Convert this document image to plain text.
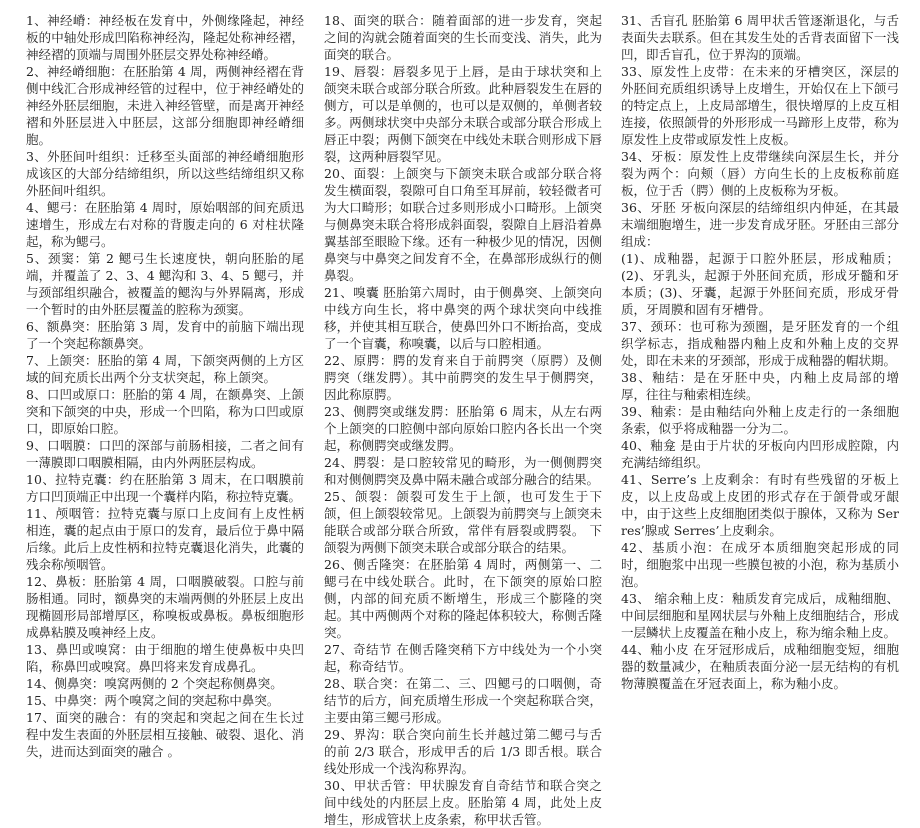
1、神经嵴：神经板在发育中，外侧缘隆起，神经板的中轴处形成凹陷称神经沟，隆起处称神经褶，神经褶的顶端与周围外胚层交界处称神经嵴。

2、神经嵴细胞：在胚胎第 4 周，两侧神经褶在背侧中线汇合形成神经管的过程中，位于神经嵴处的神经外胚层细胞，未进入神经管壁，而是离开神经褶和外胚层进入中胚层，这部分细胞即神经嵴细胞。

3、外胚间叶组织：迁移至头面部的神经嵴细胞形成该区的大部分结缔组织，所以这些结缔组织又称外胚间叶组织。

4、鳃弓：在胚胎第 4 周时，原始咽部的间充质迅速增生，形成左右对称的背腹走向的 6 对柱状隆起，称为鳃弓。

5、颈窦：第 2 鳃弓生长速度快，朝向胚胎的尾端，并覆盖了 2、3、4 鳃沟和 3、4、5 鳃弓，并与颈部组织融合，被覆盖的鳃沟与外界隔离，形成一个暂时的由外胚层覆盖的腔称为颈窦。

6、额鼻突：胚胎第 3 周，发育中的前脑下端出现了一个突起称额鼻突。

7、上颌突：胚胎的第 4 周，下颌突两侧的上方区域的间充质长出两个分支状突起，称上颌突。

8、口凹或原口：胚胎的第 4 周，在额鼻突、上颌突和下颌突的中央，形成一个凹陷，称为口凹或原口，即原始口腔。

9、口咽膜：口凹的深部与前肠相接，二者之间有一薄膜即口咽膜相隔，由内外两胚层构成。

10、拉特克囊：约在胚胎第 3 周末，在口咽膜前方口凹顶端正中出现一个囊样内陷，称拉特克囊。

11、颅咽管：拉特克囊与原口上皮间有上皮性柄相连，囊的起点由于原口的发育，最后位于鼻中隔后缘。此后上皮性柄和拉特克囊退化消失，此囊的残余称颅咽管。

12、鼻板：胚胎第 4 周，口咽膜破裂。口腔与前肠相通。同时，额鼻突的末端两侧的外胚层上皮出现椭圆形局部增厚区，称嗅板或鼻板。鼻板细胞形成鼻粘膜及嗅神经上皮。

13、鼻凹或嗅窝：由于细胞的增生使鼻板中央凹陷，称鼻凹或嗅窝。鼻凹将来发育成鼻孔。

14、侧鼻突：嗅窝两侧的 2 个突起称侧鼻突。

15、中鼻突：两个嗅窝之间的突起称中鼻突。

17、面突的融合：有的突起和突起之间在生长过程中发生表面的外胚层相互接触、破裂、退化、消失，进而达到面突的融合 。

18、面突的联合：随着面部的进一步发育，突起之间的沟就会随着面突的生长而变浅、消失，此为面突的联合。

19、唇裂：唇裂多见于上唇，是由于球状突和上颌突未联合或部分联合所致。此种唇裂发生在唇的侧方，可以是单侧的，也可以是双侧的，单侧者较多。两侧球状突中央部分未联合或部分联合形成上唇正中裂；两侧下颌突在中线处未联合则形成下唇裂，这两种唇裂罕见。

20、面裂：上颌突与下颌突未联合或部分联合将发生横面裂，裂隙可自口角至耳屏前，较轻微者可为大口畸形；如联合过多则形成小口畸形。上颌突与侧鼻突未联合将形成斜面裂，裂隙自上唇沿着鼻翼基部至眼睑下缘。还有一种极少见的情况，因侧鼻突与中鼻突之间发育不全，在鼻部形成纵行的侧鼻裂。

21、嗅囊 胚胎第六周时，由于侧鼻突、上颌突向中线方向生长，将中鼻突的两个球状突向中线推移，并使其相互联合，使鼻凹外口不断抬高，变成了一个盲囊，称嗅囊，以后与口腔相通。

22、原腭：腭的发育来自于前腭突（原腭）及侧腭突（继发腭）。其中前腭突的发生早于侧腭突，因此称原腭。

23、侧腭突或继发腭：胚胎第 6 周末，从左右两个上颌突的口腔侧中部向原始口腔内各长出一个突起，称侧腭突或继发腭。

24、腭裂：是口腔较常见的畸形，为一侧侧腭突和对侧侧腭突及鼻中隔未融合或部分融合的结果。

25、颌裂：颌裂可发生于上颌，也可发生于下颌，但上颌裂较常见。上颌裂为前腭突与上颌突未能联合或部分联合所致，常伴有唇裂或腭裂。 下颌裂为两侧下颌突未联合或部分联合的结果。

26、侧舌隆突：在胚胎第 4 周时，两侧第一、二鳃弓在中线处联合。此时，在下颌突的原始口腔侧，内部的间充质不断增生，形成三个膨隆的突起。其中两侧两个对称的隆起体积较大，称侧舌隆突。

27、奇结节 在侧舌隆突稍下方中线处为一个小突起，称奇结节。

28、联合突：在第二、三、四鳃弓的口咽侧，奇结节的后方，间充质增生形成一个突起称联合突，主要由第三鳃弓形成。

29、界沟：联合突向前生长并越过第二鳃弓与舌的前 2/3 联合，形成甲舌的后 1/3 即舌根。联合线处形成一个浅沟称界沟。

30、甲状舌管：甲状腺发育自奇结节和联合突之间中线处的内胚层上皮。胚胎第 4 周，此处上皮增生，形成管状上皮条索，称甲状舌管。

31、舌盲孔 胚胎第 6 周甲状舌管逐渐退化，与舌表面失去联系。但在其发生处的舌背表面留下一浅凹，即舌盲孔，位于界沟的顶端。

33、原发性上皮带：在未来的牙槽突区，深层的外胚间充质组织诱导上皮增生，开始仅在上下颌弓的特定点上，上皮局部增生，很快增厚的上皮互相连接，依照颌骨的外形形成一马蹄形上皮带，称为原发性上皮带或原发性上皮板。

34、牙板：原发性上皮带继续向深层生长，并分裂为两个：向颊（唇）方向生长的上皮板称前庭板，位于舌（腭）侧的上皮板称为牙板。

36、牙胚 牙板向深层的结缔组织内伸延，在其最末端细胞增生，进一步发育成牙胚。牙胚由三部分组成：

(1)、成釉器，起源于口腔外胚层，形成釉质；(2)、牙乳头，起源于外胚间充质，形成牙髓和牙本质；(3)、牙囊，起源于外胚间充质，形成牙骨质，牙周膜和固有牙槽骨。

37、颈环：也可称为颈圈，是牙胚发育的一个组织学标志，指成釉器内釉上皮和外釉上皮的交界处，即在未来的牙颈部，形成于成釉器的帽状期。

38、釉结：是在牙胚中央，内釉上皮局部的增厚，往往与釉索相连续。

39、釉索：是由釉结向外釉上皮走行的一条细胞条索，似乎将成釉器一分为二。

40、釉龛 是由于片状的牙板向内凹形成腔隙，内充满结缔组织。

41、Serre’s 上皮剩余：有时有些残留的牙板上皮，以上皮岛或上皮团的形式存在于颌骨或牙龈中，由于这些上皮细胞团类似于腺体，又称为 Serres’腺或 Serres’上皮剩余。

42、基质小泡：在成牙本质细胞突起形成的同时，细胞浆中出现一些膜包被的小泡，称为基质小泡。

43、 缩余釉上皮：釉质发育完成后，成釉细胞、中间层细胞和星网状层与外釉上皮细胞结合，形成一层鳞状上皮覆盖在釉小皮上，称为缩余釉上皮。

44、釉小皮 在牙冠形成后，成釉细胞变短，细胞器的数量减少，在釉质表面分泌一层无结构的有机物薄膜覆盖在牙冠表面上，称为釉小皮。
